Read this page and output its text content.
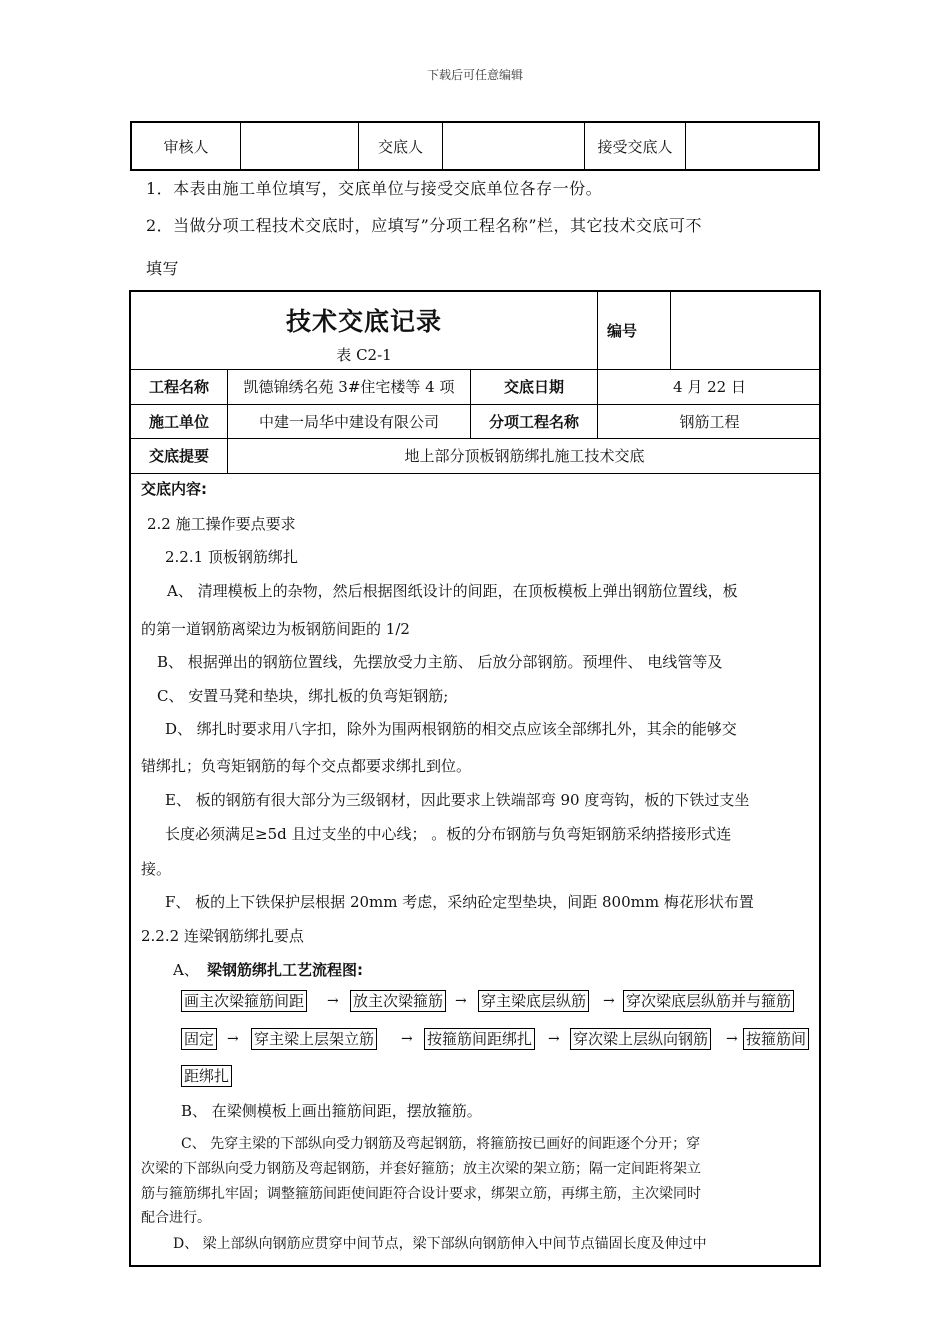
下载后可任意编辑
审核人	交底人	接受交底人
1．本表由施工单位填写，交底单位与接受交底单位各存一份。
2．当做分项工程技术交底时，应填写”分项工程名称”栏，其它技术交底可不
填写
技术交底记录
表 C2-1
编号
工程名称	凯德锦绣名苑 3#住宅楼等 4 项	交底日期	4 月 22 日
施工单位	中建一局华中建设有限公司	分项工程名称	钢筋工程
交底提要	地上部分顶板钢筋绑扎施工技术交底
交底内容:
2.2 施工操作要点要求
2.2.1 顶板钢筋绑扎
A、 清理模板上的杂物，然后根据图纸设计的间距，在顶板模板上弹出钢筋位置线，板
的第一道钢筋离梁边为板钢筋间距的 1/2
B、 根据弹出的钢筋位置线，先摆放受力主筋、 后放分部钢筋。预埋件、 电线管等及
C、 安置马凳和垫块，绑扎板的负弯矩钢筋;
D、 绑扎时要求用八字扣，除外为围两根钢筋的相交点应该全部绑扎外，其余的能够交
错绑扎；负弯矩钢筋的每个交点都要求绑扎到位。
E、 板的钢筋有很大部分为三级钢材，因此要求上铁端部弯 90 度弯钩，板的下铁过支坐
长度必须满足≥5d 且过支坐的中心线； 。板的分布钢筋与负弯矩钢筋采纳搭接形式连
接。
F、 板的上下铁保护层根据 20mm 考虑，采纳砼定型垫块，间距 800mm 梅花形状布置
2.2.2 连梁钢筋绑扎要点
A、 梁钢筋绑扎工艺流程图:
画主次梁箍筋间距 → 放主次梁箍筋 → 穿主梁底层纵筋 → 穿次梁底层纵筋并与箍筋
固定 → 穿主梁上层架立筋 → 按箍筋间距绑扎 → 穿次梁上层纵向钢筋 → 按箍筋间
距绑扎
B、 在梁侧模板上画出箍筋间距，摆放箍筋。
C、 先穿主梁的下部纵向受力钢筋及弯起钢筋，将箍筋按已画好的间距逐个分开；穿
次梁的下部纵向受力钢筋及弯起钢筋，并套好箍筋；放主次梁的架立筋；隔一定间距将架立
筋与箍筋绑扎牢固；调整箍筋间距使间距符合设计要求，绑架立筋，再绑主筋，主次梁同时
配合进行。
D、 梁上部纵向钢筋应贯穿中间节点，梁下部纵向钢筋伸入中间节点锚固长度及伸过中
